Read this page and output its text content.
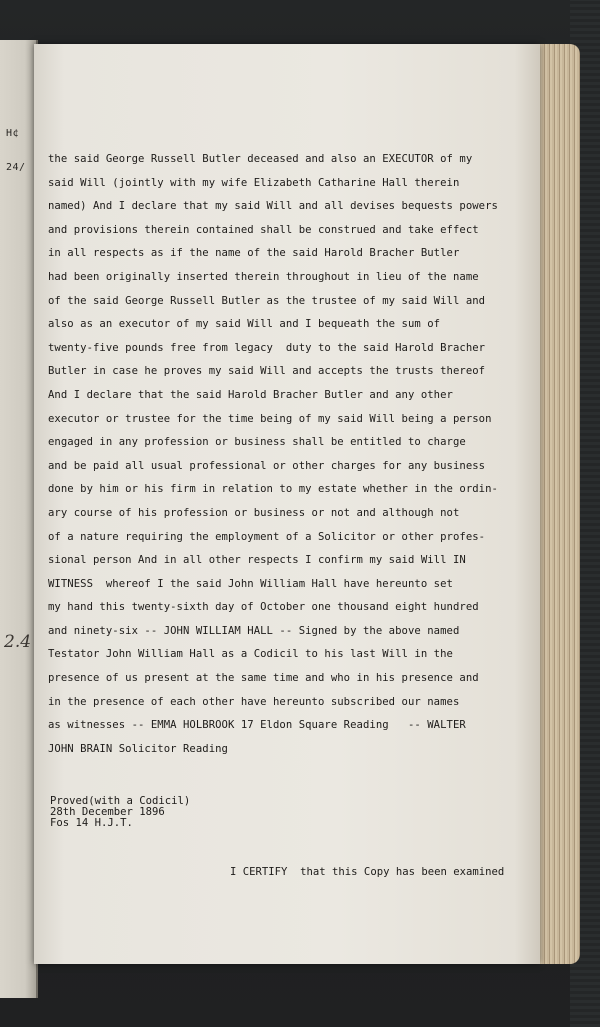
H¢
24/
2.4
the said George Russell Butler deceased and also an EXECUTOR of my
said Will (jointly with my wife Elizabeth Catharine Hall therein
named) And I declare that my said Will and all devises bequests powers
and provisions therein contained shall be construed and take effect
in all respects as if the name of the said Harold Bracher Butler
had been originally inserted therein throughout in lieu of the name
of the said George Russell Butler as the trustee of my said Will and
also as an executor of my said Will and I bequeath the sum of
twenty-five pounds free from legacy  duty to the said Harold Bracher
Butler in case he proves my said Will and accepts the trusts thereof
And I declare that the said Harold Bracher Butler and any other
executor or trustee for the time being of my said Will being a person
engaged in any profession or business shall be entitled to charge
and be paid all usual professional or other charges for any business
done by him or his firm in relation to my estate whether in the ordin-
ary course of his profession or business or not and although not
of a nature requiring the employment of a Solicitor or other profes-
sional person And in all other respects I confirm my said Will IN
WITNESS  whereof I the said John William Hall have hereunto set
my hand this twenty-sixth day of October one thousand eight hundred
and ninety-six -- JOHN WILLIAM HALL -- Signed by the above named
Testator John William Hall as a Codicil to his last Will in the
presence of us present at the same time and who in his presence and
in the presence of each other have hereunto subscribed our names
as witnesses -- EMMA HOLBROOK 17 Eldon Square Reading   -- WALTER
JOHN BRAIN Solicitor Reading
Proved(with a Codicil)
28th December 1896
Fos 14 H.J.T.
I CERTIFY  that this Copy has been examined
